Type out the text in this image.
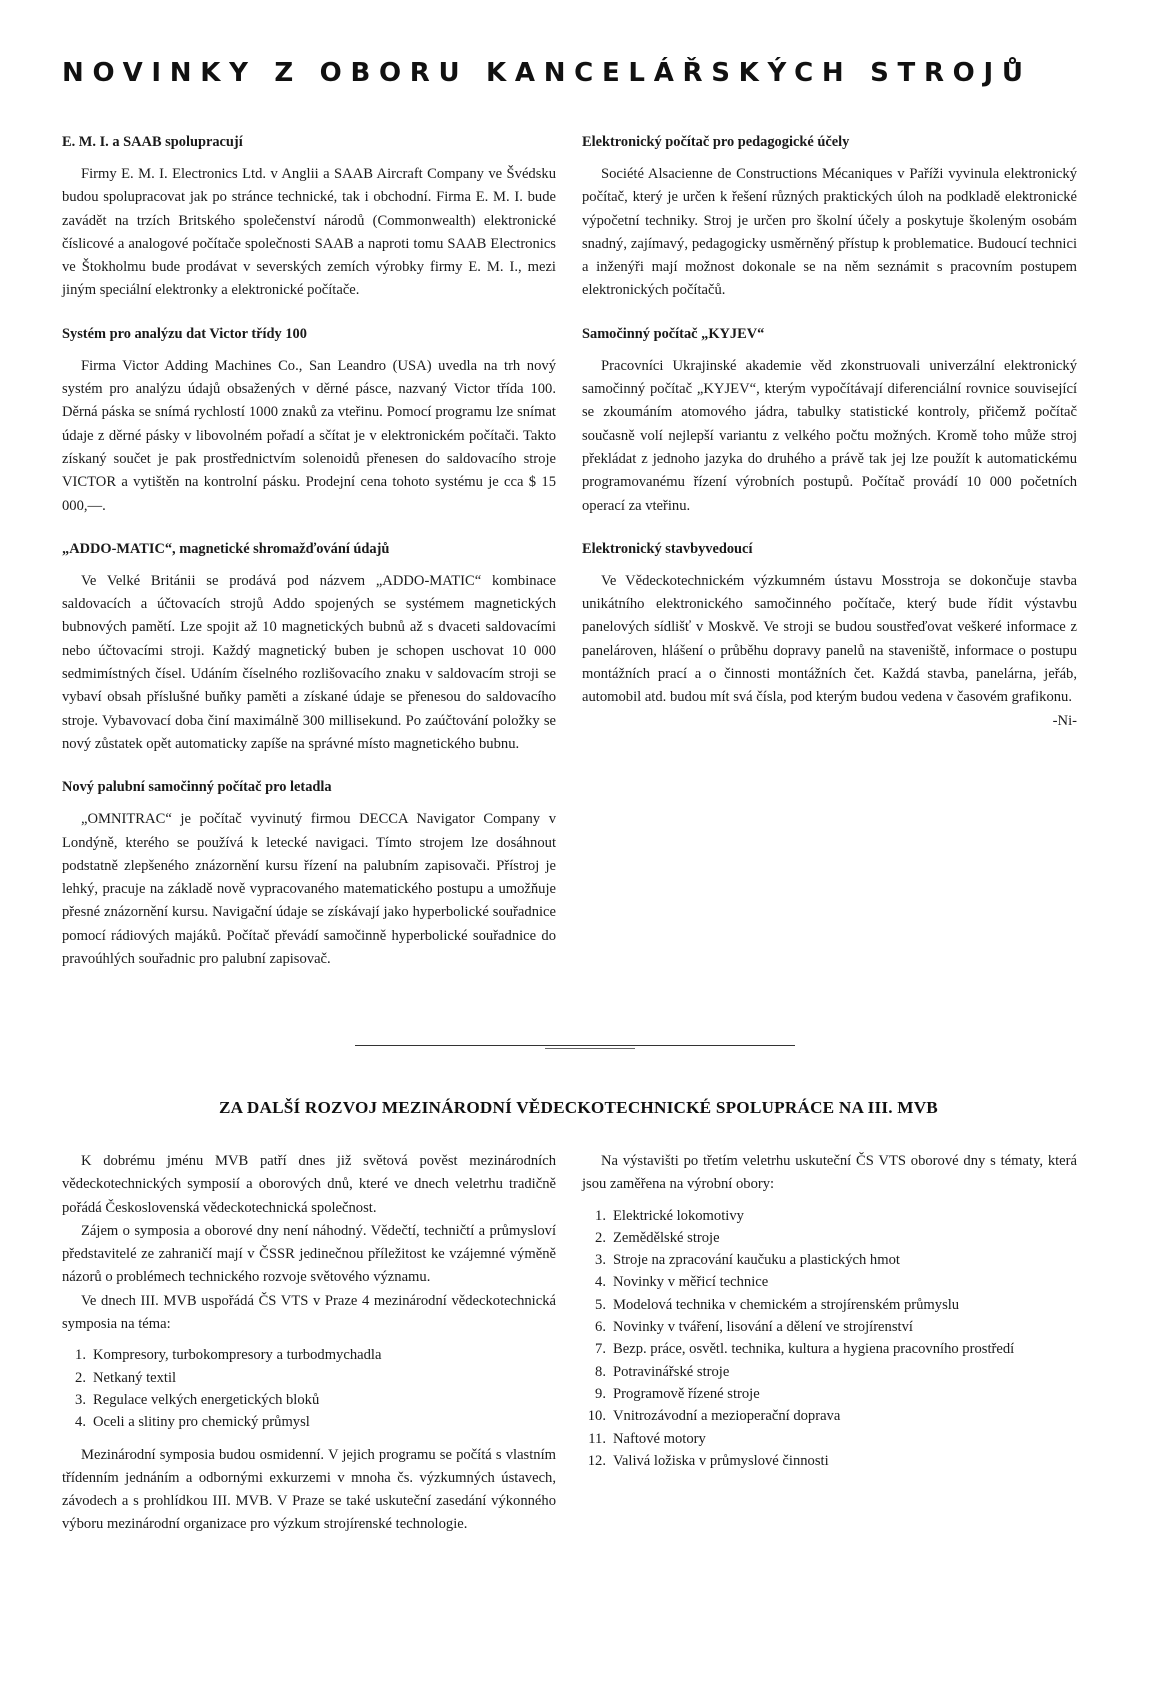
NOVINKY Z OBORU KANCELÁŘSKÝCH STROJŮ
E. M. I. a SAAB spolupracují

Firmy E. M. I. Electronics Ltd. v Anglii a SAAB Aircraft Company ve Švédsku budou spolupracovat jak po stránce technické, tak i obchodní. Firma E. M. I. bude zavádět na trzích Britského společenství národů (Commonwealth) elektronické číslicové a analogové počítače společnosti SAAB a naproti tomu SAAB Electronics ve Štokholmu bude prodávat v severských zemích výrobky firmy E. M. I., mezi jiným speciální elektronky a elektronické počítače.

Systém pro analýzu dat Victor třídy 100

Firma Victor Adding Machines Co., San Leandro (USA) uvedla na trh nový systém pro analýzu údajů obsažených v děrné pásce, nazvaný Victor třída 100. Děrná páska se snímá rychlostí 1000 znaků za vteřinu. Pomocí programu lze snímat údaje z děrné pásky v libovolném pořadí a sčítat je v elektronickém počítači. Takto získaný součet je pak prostřednictvím solenoidů přenesen do saldovacího stroje VICTOR a vytištěn na kontrolní pásku. Prodejní cena tohoto systému je cca $ 15 000,—.

„ADDO-MATIC“, magnetické shromažďování údajů

Ve Velké Británii se prodává pod názvem „ADDO-MATIC“ kombinace saldovacích a účtovacích strojů Addo spojených se systémem magnetických bubnových pamětí. Lze spojit až 10 magnetických bubnů až s dvaceti saldovacími nebo účtovacími stroji. Každý magnetický buben je schopen uschovat 10 000 sedmimístných čísel. Udáním číselného rozlišovacího znaku v saldovacím stroji se vybaví obsah příslušné buňky paměti a získané údaje se přenesou do saldovacího stroje. Vybavovací doba činí maximálně 300 millisekund. Po zaúčtování položky se nový zůstatek opět automaticky zapíše na správné místo magnetického bubnu.

Nový palubní samočinný počítač pro letadla

„OMNITRAC“ je počítač vyvinutý firmou DECCA Navigator Company v Londýně, kterého se používá k letecké navigaci. Tímto strojem lze dosáhnout podstatně zlepšeného znázornění kursu řízení na palubním zapisovači. Přístroj je lehký, pracuje na základě nově vypracovaného matematického postupu a umožňuje přesné znázornění kursu. Navigační údaje se získávají jako hyperbolické souřadnice pomocí rádiových majáků. Počítač převádí samočinně hyperbolické souřadnice do pravoúhlých souřadnic pro palubní zapisovač.

Elektronický počítač pro pedagogické účely

Société Alsacienne de Constructions Mécaniques v Paříži vyvinula elektronický počítač, který je určen k řešení různých praktických úloh na podkladě elektronické výpočetní techniky. Stroj je určen pro školní účely a poskytuje školeným osobám snadný, zajímavý, pedagogicky usměrněný přístup k problematice. Budoucí technici a inženýři mají možnost dokonale se na něm seznámit s pracovním postupem elektronických počítačů.

Samočinný počítač „KYJEV“

Pracovníci Ukrajinské akademie věd zkonstruovali univerzální elektronický samočinný počítač „KYJEV“, kterým vypočítávají diferenciální rovnice související se zkoumáním atomového jádra, tabulky statistické kontroly, přičemž počítač současně volí nejlepší variantu z velkého počtu možných. Kromě toho může stroj překládat z jednoho jazyka do druhého a právě tak jej lze použít k automatickému programovanému řízení výrobních postupů. Počítač provádí 10 000 početních operací za vteřinu.

Elektronický stavbyvedoucí

Ve Vědeckotechnickém výzkumném ústavu Mosstroja se dokončuje stavba unikátního elektronického samočinného počítače, který bude řídit výstavbu panelových sídlišť v Moskvě. Ve stroji se budou soustřeďovat veškeré informace z panelároven, hlášení o průběhu dopravy panelů na staveniště, informace o postupu montážních prací a o činnosti montážních čet. Každá stavba, panelárna, jeřáb, automobil atd. budou mít svá čísla, pod kterým budou vedena v časovém grafikonu.
-Ni-

ZA DALŠÍ ROZVOJ MEZINÁRODNÍ VĚDECKOTECHNICKÉ SPOLUPRÁCE NA III. MVB

K dobrému jménu MVB patří dnes již světová pověst mezinárodních vědeckotechnických symposií a oborových dnů, které ve dnech veletrhu tradičně pořádá Československá vědeckotechnická společnost.

Zájem o symposia a oborové dny není náhodný. Vědečtí, techničtí a průmysloví představitelé ze zahraničí mají v ČSSR jedinečnou příležitost ke vzájemné výměně názorů o problémech technického rozvoje světového významu.

Ve dnech III. MVB uspořádá ČS VTS v Praze 4 mezinárodní vědeckotechnická symposia na téma:

1. Kompresory, turbokompresory a turbodmychadla
2. Netkaný textil
3. Regulace velkých energetických bloků
4. Oceli a slitiny pro chemický průmysl

Mezinárodní symposia budou osmidenní. V jejich programu se počítá s vlastním třídenním jednáním a odbornými exkurzemi v mnoha čs. výzkumných ústavech, závodech a s prohlídkou III. MVB. V Praze se také uskuteční zasedání výkonného výboru mezinárodní organizace pro výzkum strojírenské technologie.

Na výstavišti po třetím veletrhu uskuteční ČS VTS oborové dny s tématy, která jsou zaměřena na výrobní obory:

1. Elektrické lokomotivy
2. Zemědělské stroje
3. Stroje na zpracování kaučuku a plastických hmot
4. Novinky v měřicí technice
5. Modelová technika v chemickém a strojírenském průmyslu
6. Novinky v tváření, lisování a dělení ve strojírenství
7. Bezp. práce, osvětl. technika, kultura a hygiena pracovního prostředí
8. Potravinářské stroje
9. Programově řízené stroje
10. Vnitrozávodní a mezioperační doprava
11. Naftové motory
12. Valivá ložiska v průmyslové činnosti
